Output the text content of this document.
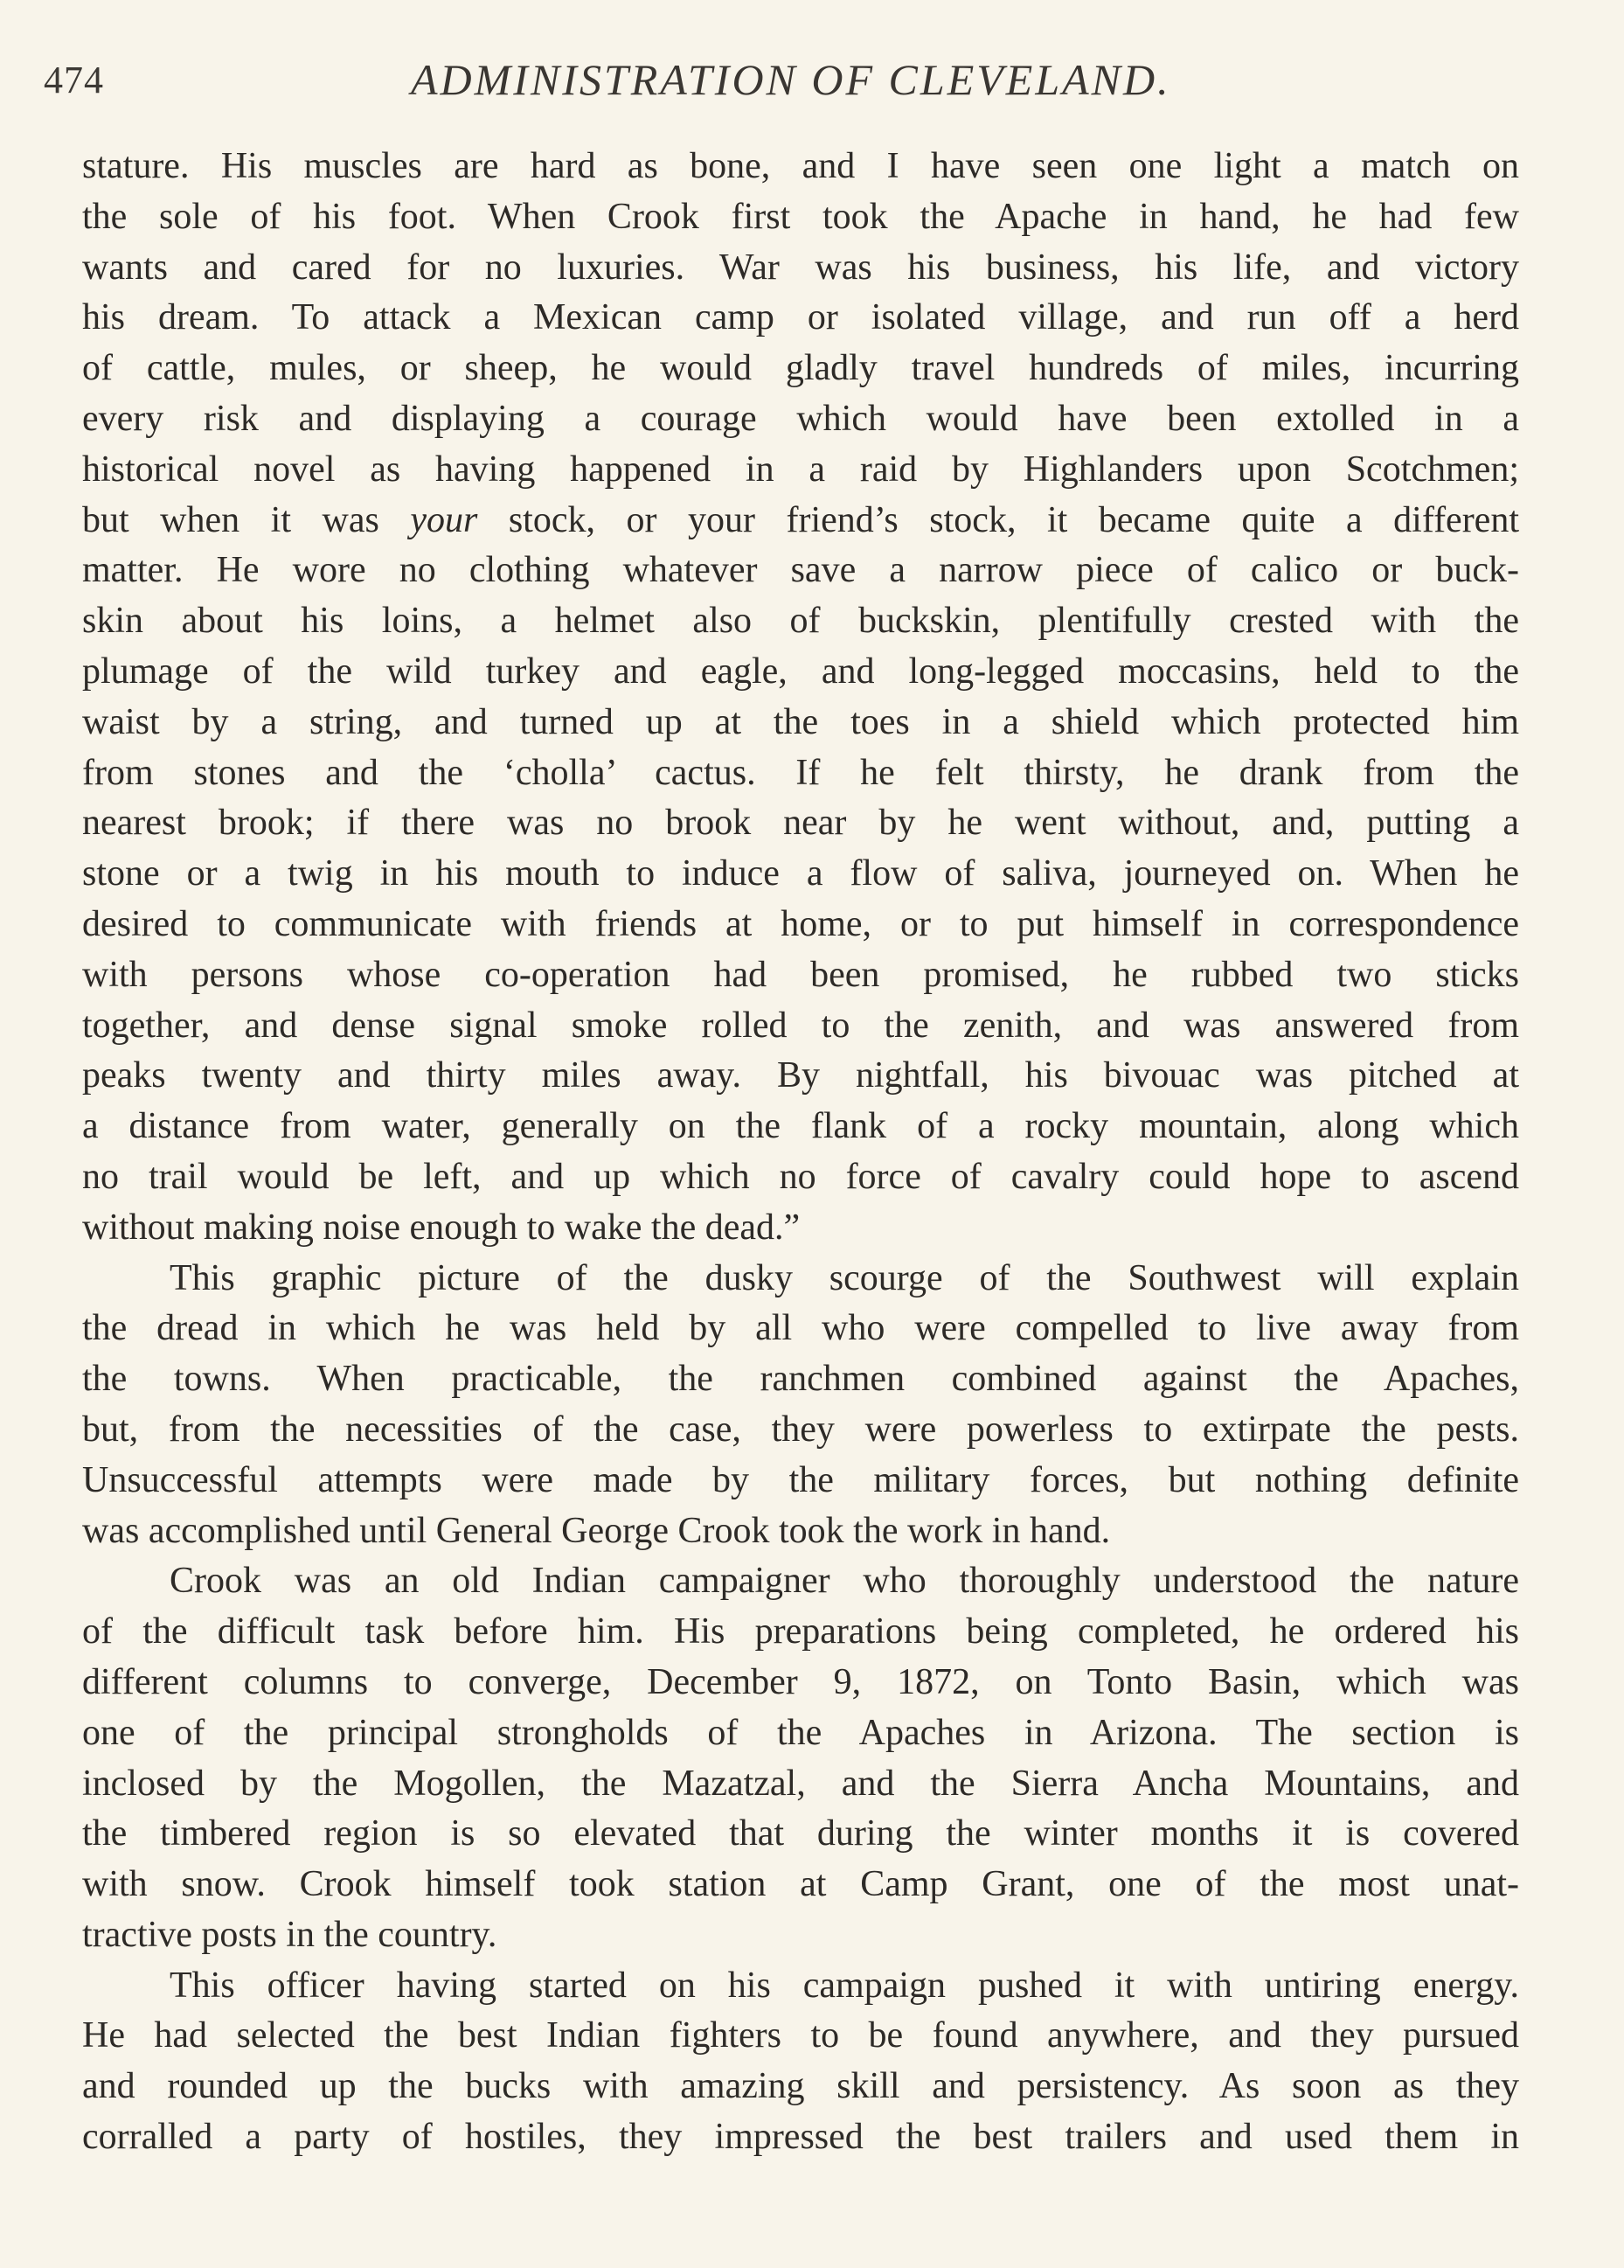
474	ADMINISTRATION OF CLEVELAND.
stature. His muscles are hard as bone, and I have seen one light a match on
the sole of his foot. When Crook first took the Apache in hand, he had few
wants and cared for no luxuries. War was his business, his life, and victory
his dream. To attack a Mexican camp or isolated village, and run off a herd
of cattle, mules, or sheep, he would gladly travel hundreds of miles, incurring
every risk and displaying a courage which would have been extolled in a
historical novel as having happened in a raid by Highlanders upon Scotchmen;
but when it was your stock, or your friend’s stock, it became quite a different
matter. He wore no clothing whatever save a narrow piece of calico or buck-
skin about his loins, a helmet also of buckskin, plentifully crested with the
plumage of the wild turkey and eagle, and long-legged moccasins, held to the
waist by a string, and turned up at the toes in a shield which protected him
from stones and the ‘cholla’ cactus. If he felt thirsty, he drank from the
nearest brook; if there was no brook near by he went without, and, putting a
stone or a twig in his mouth to induce a flow of saliva, journeyed on. When he
desired to communicate with friends at home, or to put himself in correspondence
with persons whose co-operation had been promised, he rubbed two sticks
together, and dense signal smoke rolled to the zenith, and was answered from
peaks twenty and thirty miles away. By nightfall, his bivouac was pitched at
a distance from water, generally on the flank of a rocky mountain, along which
no trail would be left, and up which no force of cavalry could hope to ascend
without making noise enough to wake the dead.”
This graphic picture of the dusky scourge of the Southwest will explain
the dread in which he was held by all who were compelled to live away from
the towns. When practicable, the ranchmen combined against the Apaches,
but, from the necessities of the case, they were powerless to extirpate the pests.
Unsuccessful attempts were made by the military forces, but nothing definite
was accomplished until General George Crook took the work in hand.
Crook was an old Indian campaigner who thoroughly understood the nature
of the difficult task before him. His preparations being completed, he ordered his
different columns to converge, December 9, 1872, on Tonto Basin, which was
one of the principal strongholds of the Apaches in Arizona. The section is
inclosed by the Mogollen, the Mazatzal, and the Sierra Ancha Mountains, and
the timbered region is so elevated that during the winter months it is covered
with snow. Crook himself took station at Camp Grant, one of the most unat-
tractive posts in the country.
This officer having started on his campaign pushed it with untiring energy.
He had selected the best Indian fighters to be found anywhere, and they pursued
and rounded up the bucks with amazing skill and persistency. As soon as they
corralled a party of hostiles, they impressed the best trailers and used them in
